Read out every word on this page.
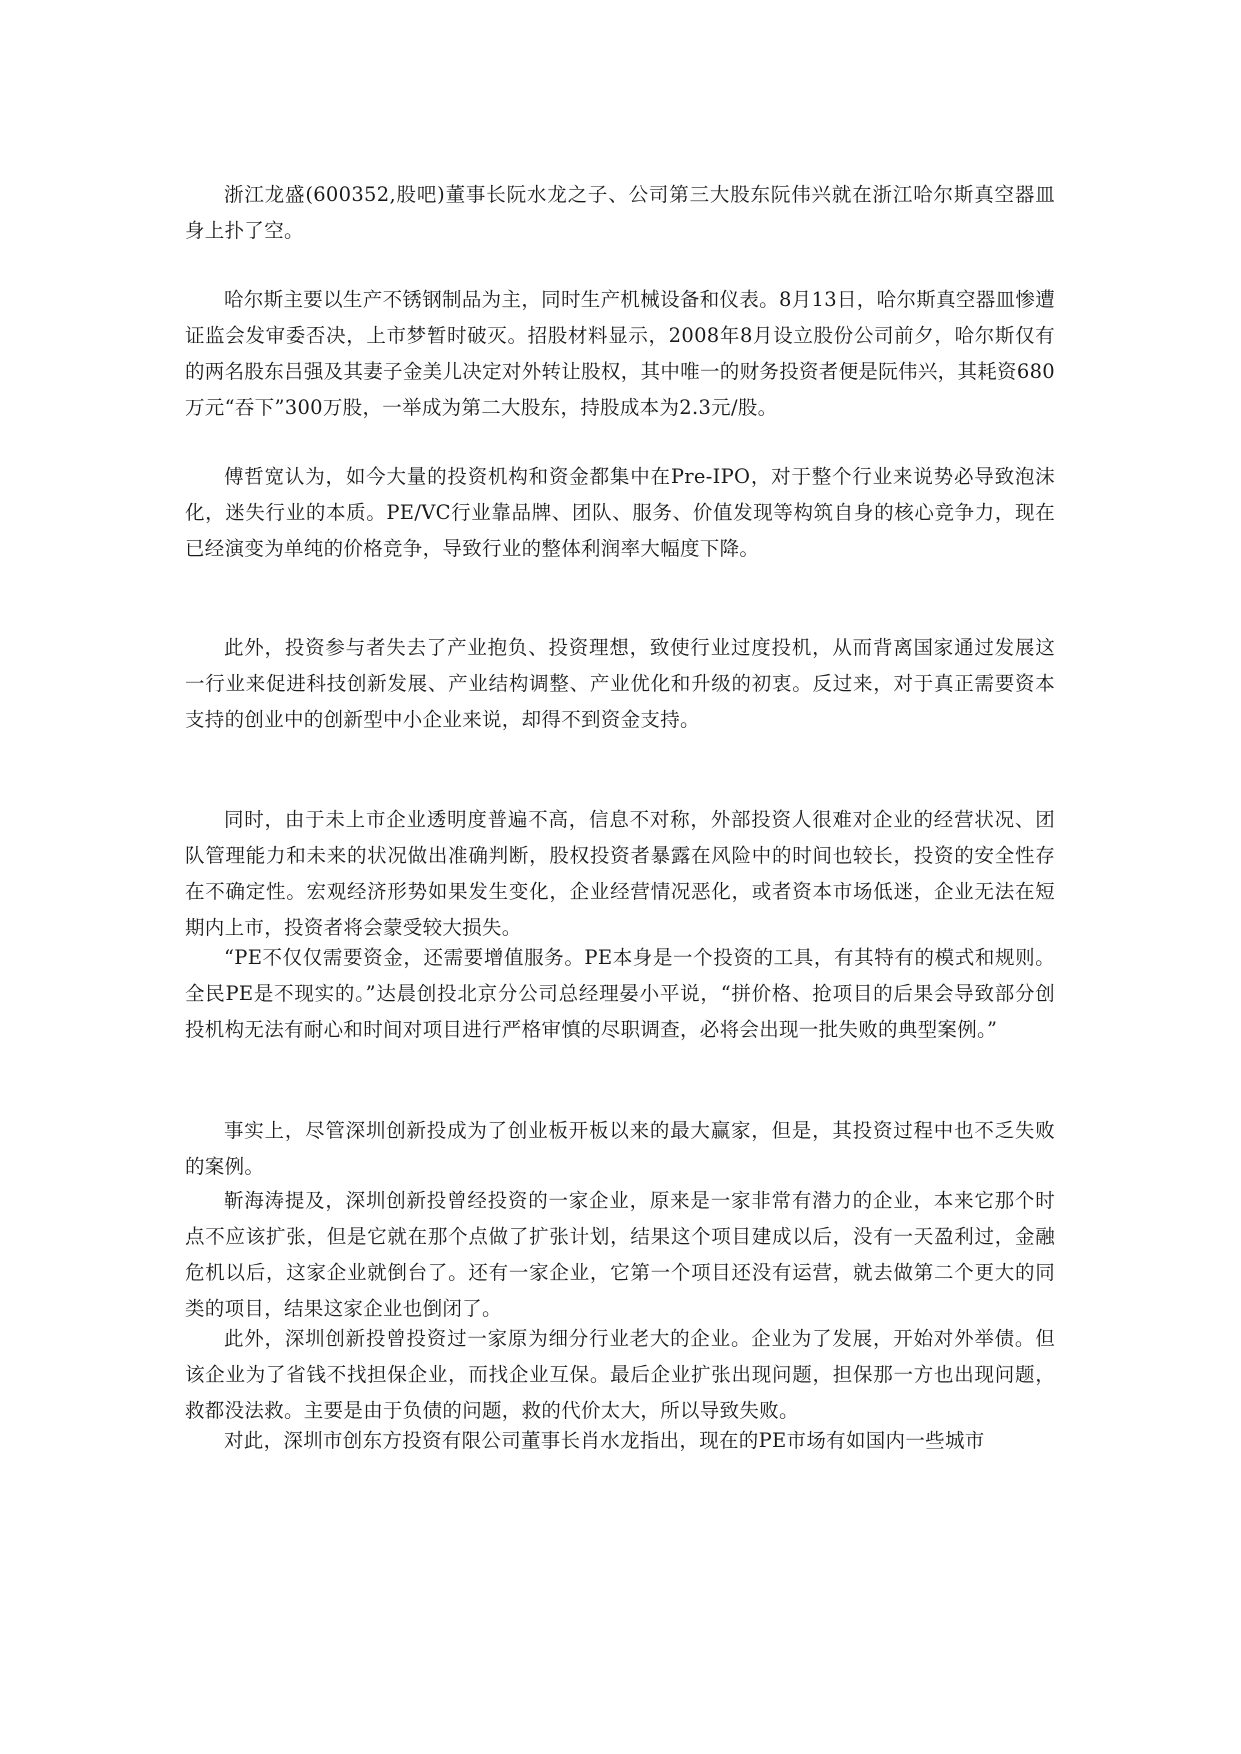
浙江龙盛(600352,股吧)董事长阮水龙之子、公司第三大股东阮伟兴就在浙江哈尔斯真空器皿身上扑了空。

哈尔斯主要以生产不锈钢制品为主，同时生产机械设备和仪表。8月13日，哈尔斯真空器皿惨遭证监会发审委否决，上市梦暂时破灭。招股材料显示，2008年8月设立股份公司前夕，哈尔斯仅有的两名股东吕强及其妻子金美儿决定对外转让股权，其中唯一的财务投资者便是阮伟兴，其耗资680万元“吞下”300万股，一举成为第二大股东，持股成本为2.3元/股。

傅哲宽认为，如今大量的投资机构和资金都集中在Pre-IPO，对于整个行业来说势必导致泡沫化，迷失行业的本质。PE/VC行业靠品牌、团队、服务、价值发现等构筑自身的核心竞争力，现在已经演变为单纯的价格竞争，导致行业的整体利润率大幅度下降。

此外，投资参与者失去了产业抱负、投资理想，致使行业过度投机，从而背离国家通过发展这一行业来促进科技创新发展、产业结构调整、产业优化和升级的初衷。反过来，对于真正需要资本支持的创业中的创新型中小企业来说，却得不到资金支持。

同时，由于未上市企业透明度普遍不高，信息不对称，外部投资人很难对企业的经营状况、团队管理能力和未来的状况做出准确判断，股权投资者暴露在风险中的时间也较长，投资的安全性存在不确定性。宏观经济形势如果发生变化，企业经营情况恶化，或者资本市场低迷，企业无法在短期内上市，投资者将会蒙受较大损失。

“PE不仅仅需要资金，还需要增值服务。PE本身是一个投资的工具，有其特有的模式和规则。全民PE是不现实的。”达晨创投北京分公司总经理晏小平说，“拼价格、抢项目的后果会导致部分创投机构无法有耐心和时间对项目进行严格审慎的尽职调查，必将会出现一批失败的典型案例。”

事实上，尽管深圳创新投成为了创业板开板以来的最大赢家，但是，其投资过程中也不乏失败的案例。

靳海涛提及，深圳创新投曾经投资的一家企业，原来是一家非常有潜力的企业，本来它那个时点不应该扩张，但是它就在那个点做了扩张计划，结果这个项目建成以后，没有一天盈利过，金融危机以后，这家企业就倒台了。还有一家企业，它第一个项目还没有运营，就去做第二个更大的同类的项目，结果这家企业也倒闭了。

此外，深圳创新投曾投资过一家原为细分行业老大的企业。企业为了发展，开始对外举债。但该企业为了省钱不找担保企业，而找企业互保。最后企业扩张出现问题，担保那一方也出现问题，救都没法救。主要是由于负债的问题，救的代价太大，所以导致失败。

对此，深圳市创东方投资有限公司董事长肖水龙指出，现在的PE市场有如国内一些城市
